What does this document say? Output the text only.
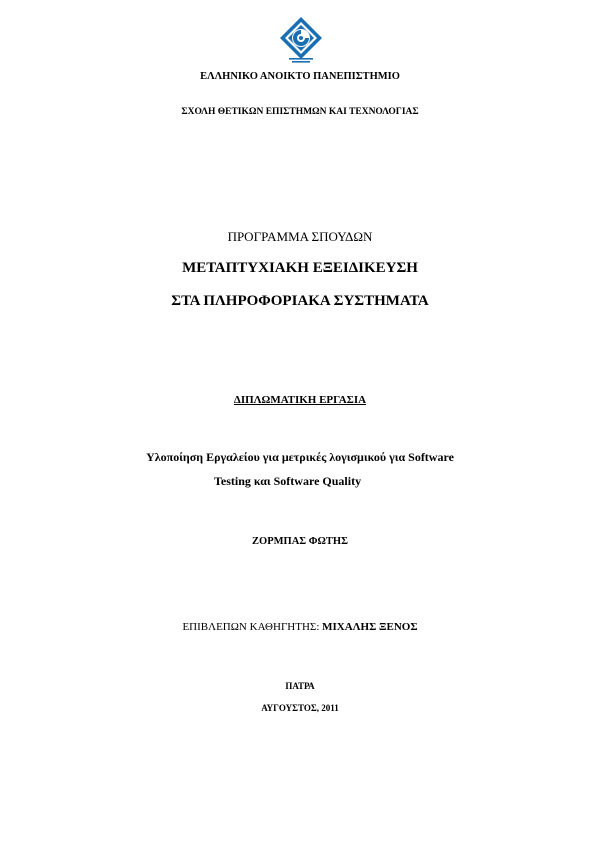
ΕΛΛΗΝΙΚΟ ΑΝΟΙΚΤΟ ΠΑΝΕΠΙΣΤΗΜΙΟ
ΣΧΟΛΗ ΘΕΤΙΚΩΝ ΕΠΙΣΤΗΜΩΝ ΚΑΙ ΤΕΧΝΟΛΟΓΙΑΣ
ΠΡΟΓΡΑΜΜΑ ΣΠΟΥΔΩΝ
ΜΕΤΑΠΤΥΧΙΑΚΗ ΕΞΕΙΔΙΚΕΥΣΗ
ΣΤΑ ΠΛΗΡΟΦΟΡΙΑΚΑ ΣΥΣΤΗΜΑΤΑ
ΔΙΠΛΩΜΑΤΙΚΗ ΕΡΓΑΣΙΑ
Υλοποίηση Εργαλείου για μετρικές λογισμικού για Software
Testing και Software Quality
ΖΟΡΜΠΑΣ ΦΩΤΗΣ
ΕΠΙΒΛΕΠΩΝ ΚΑΘΗΓΗΤΗΣ: ΜΙΧΑΛΗΣ ΞΕΝΟΣ
ΠΑΤΡΑ
ΑΥΓΟΥΣΤΟΣ, 2011
